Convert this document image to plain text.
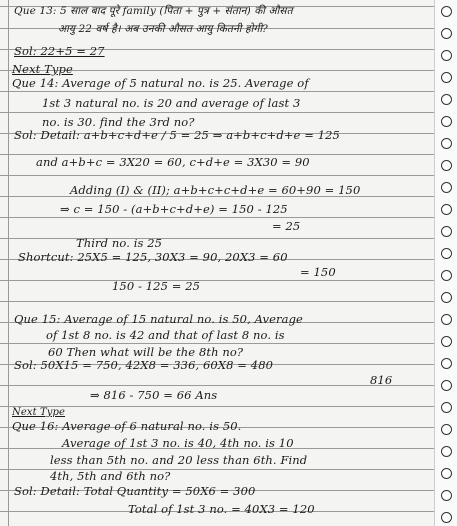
Que 13: 5 साल बाद पूरे family (पिता + पुत्र + संतान) की औसत
आयु 22 वर्ष है। अब उनकी औसत आयु कितनी होगी?
Sol: 22+5 = 27
Next Type
Que 14: Average of 5 natural no. is 25. Average of
1st 3 natural no. is 20 and average of last 3
no. is 30. find the 3rd no?
Sol: Detail: a+b+c+d+e / 5 = 25 ⇒ a+b+c+d+e = 125
and a+b+c = 3X20 = 60, c+d+e = 3X30 = 90
Adding (I) & (II); a+b+c+c+d+e = 60+90 = 150
⇒ c = 150 - (a+b+c+d+e) = 150 - 125
= 25
Third no. is 25
Shortcut: 25X5 = 125, 30X3 = 90, 20X3 = 60
= 150
150 - 125 = 25
Que 15: Average of 15 natural no. is 50, Average
of 1st 8 no. is 42 and that of last 8 no. is
60 Then what will be the 8th no?
Sol: 50X15 = 750, 42X8 = 336, 60X8 = 480
816
⇒ 816 - 750 = 66 Ans
Next Type
Que 16: Average of 6 natural no. is 50.
Average of 1st 3 no. is 40, 4th no. is 10
less than 5th no. and 20 less than 6th. Find
4th, 5th and 6th no?
Sol: Detail: Total Quantity = 50X6 = 300
Total of 1st 3 no. = 40X3 = 120
